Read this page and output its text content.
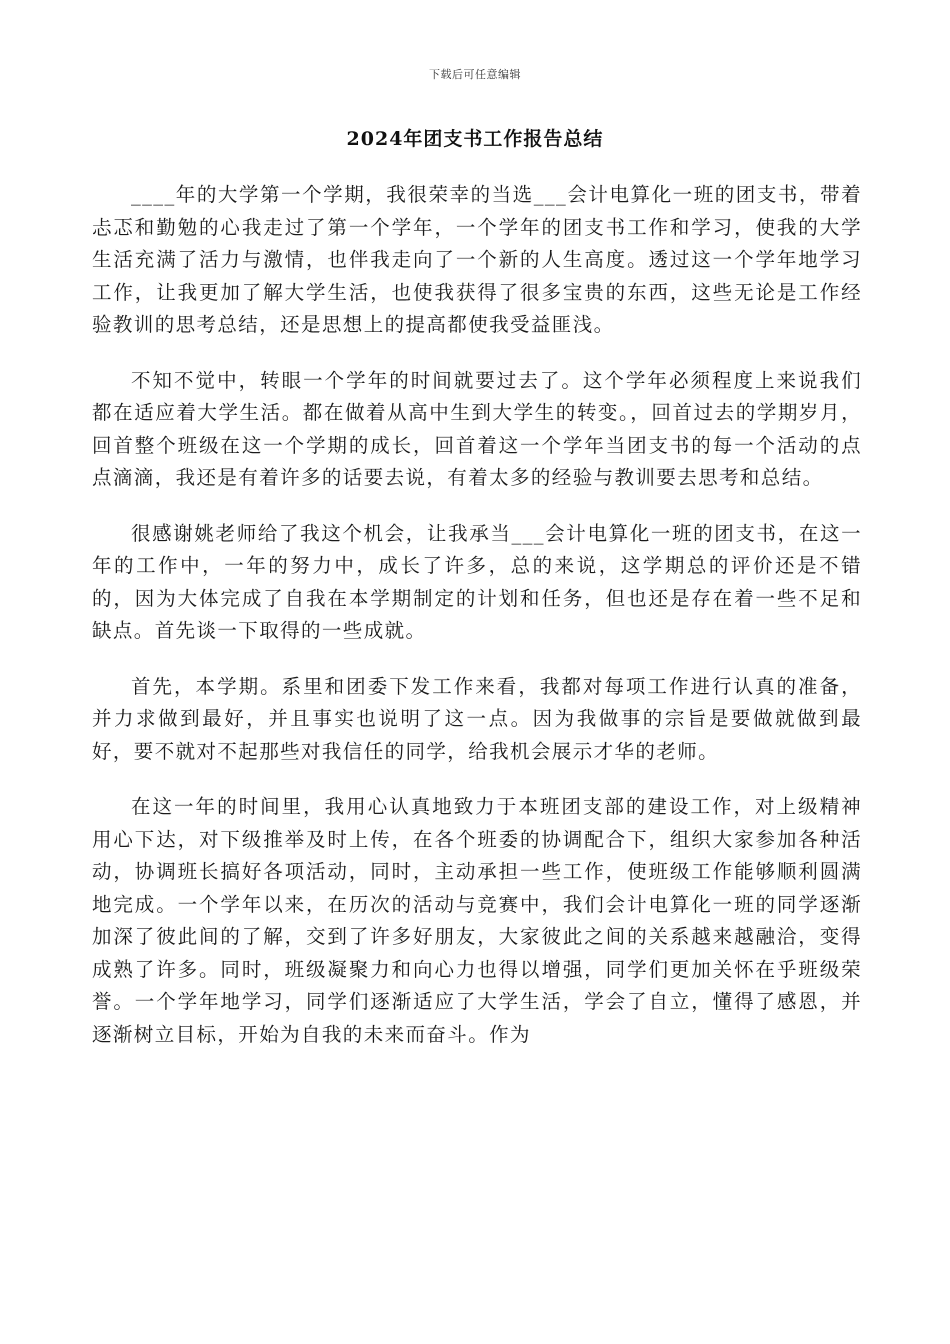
下载后可任意编辑
2024年团支书工作报告总结

____年的大学第一个学期，我很荣幸的当选___会计电算化一班的团支书，带着忐忑和勤勉的心我走过了第一个学年，一个学年的团支书工作和学习，使我的大学生活充满了活力与激情，也伴我走向了一个新的人生高度。透过这一个学年地学习工作，让我更加了解大学生活，也使我获得了很多宝贵的东西，这些无论是工作经验教训的思考总结，还是思想上的提高都使我受益匪浅。

不知不觉中，转眼一个学年的时间就要过去了。这个学年必须程度上来说我们都在适应着大学生活。都在做着从高中生到大学生的转变。，回首过去的学期岁月，回首整个班级在这一个学期的成长，回首着这一个学年当团支书的每一个活动的点点滴滴，我还是有着许多的话要去说，有着太多的经验与教训要去思考和总结。

很感谢姚老师给了我这个机会，让我承当___会计电算化一班的团支书，在这一年的工作中，一年的努力中，成长了许多，总的来说，这学期总的评价还是不错的，因为大体完成了自我在本学期制定的计划和任务，但也还是存在着一些不足和缺点。首先谈一下取得的一些成就。

首先，本学期。系里和团委下发工作来看，我都对每项工作进行认真的准备，并力求做到最好，并且事实也说明了这一点。因为我做事的宗旨是要做就做到最好，要不就对不起那些对我信任的同学，给我机会展示才华的老师。

在这一年的时间里，我用心认真地致力于本班团支部的建设工作，对上级精神用心下达，对下级推举及时上传，在各个班委的协调配合下，组织大家参加各种活动，协调班长搞好各项活动，同时，主动承担一些工作，使班级工作能够顺利圆满地完成。一个学年以来，在历次的活动与竞赛中，我们会计电算化一班的同学逐渐加深了彼此间的了解，交到了许多好朋友，大家彼此之间的关系越来越融洽，变得成熟了许多。同时，班级凝聚力和向心力也得以增强，同学们更加关怀在乎班级荣誉。一个学年地学习，同学们逐渐适应了大学生活，学会了自立，懂得了感恩，并逐渐树立目标，开始为自我的未来而奋斗。作为
